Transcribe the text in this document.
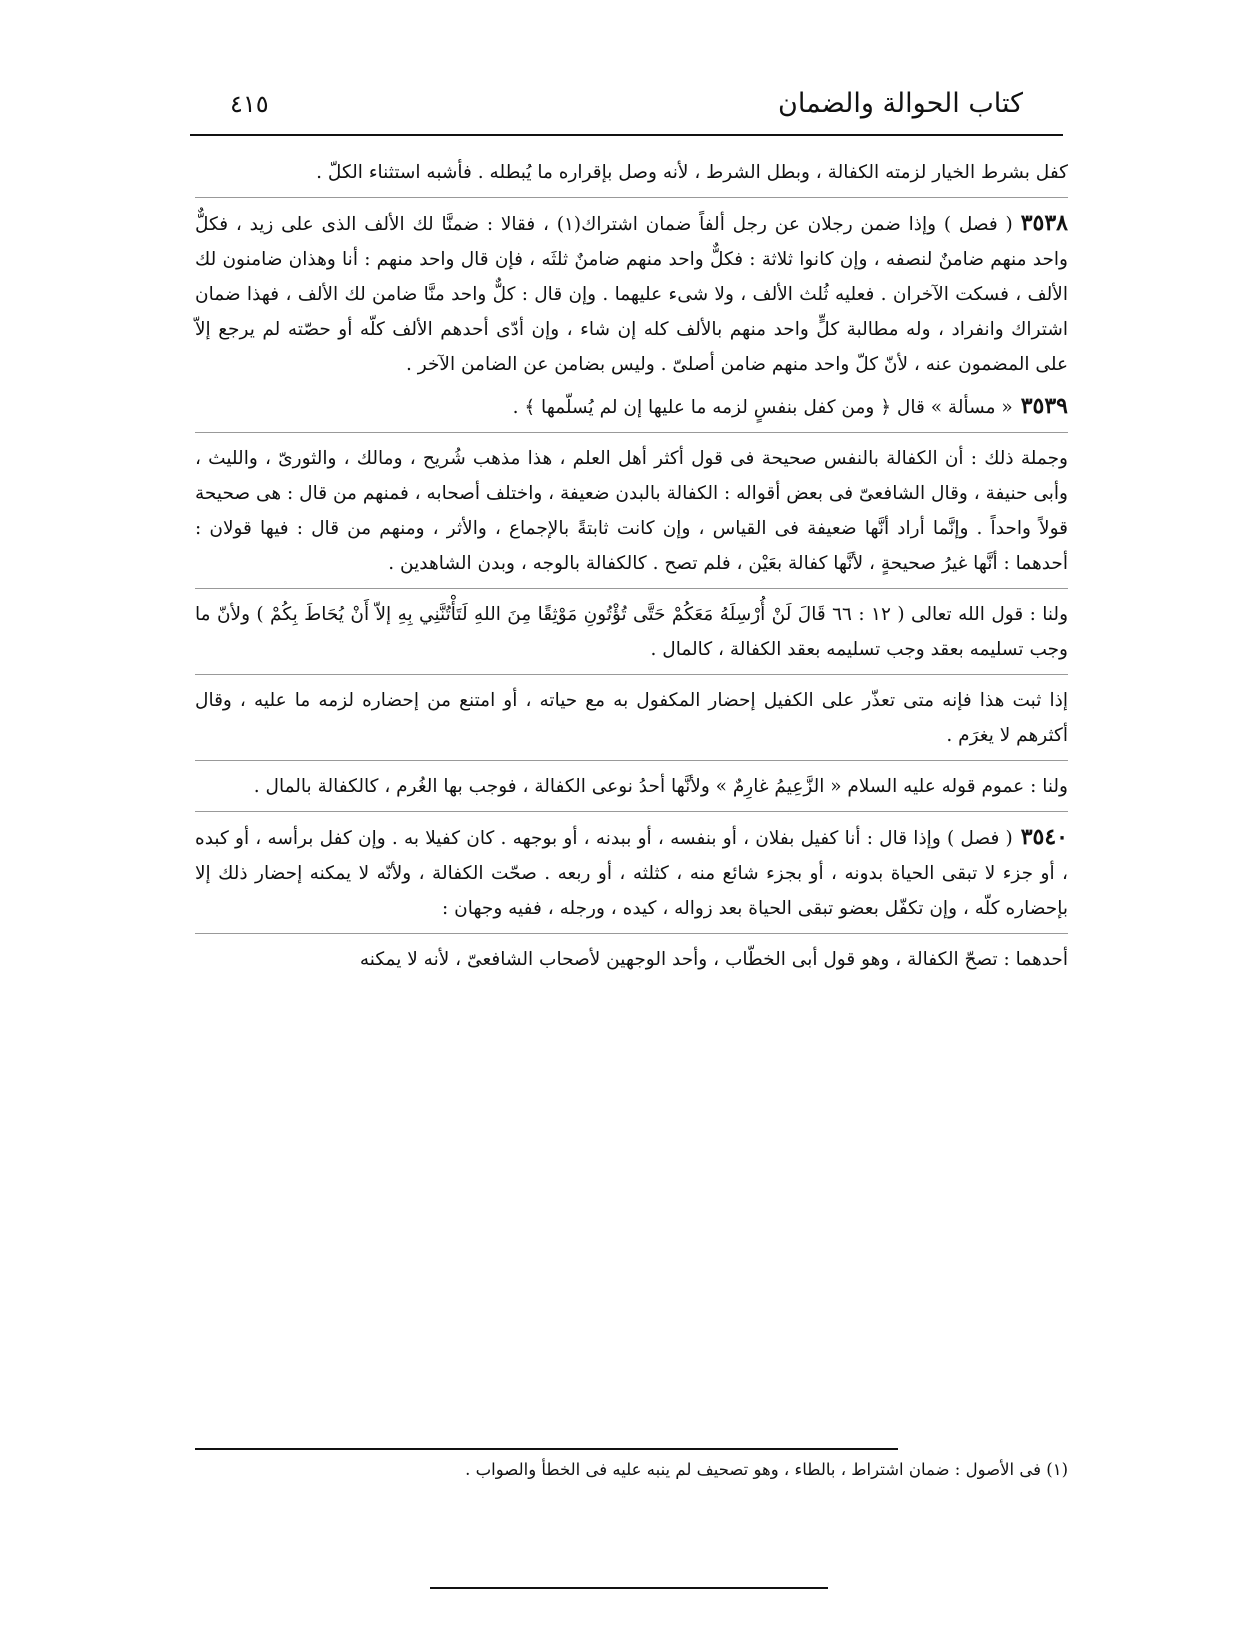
كتاب الحوالة والضمان
٤١٥

كفل بشرط الخيار لزمته الكفالة ، وبطل الشرط ، لأنه وصل بإقراره ما يُبطله . فأشبه استثناء الكلّ .

٣٥٣٨( فصل ) وإذا ضمن رجلان عن رجل ألفاً ضمان اشتراك(١) ، فقالا : ضمنَّا لك الألف الذى على زيد ، فكلٌّ واحد منهم ضامنٌ لنصفه ، وإن كانوا ثلاثة : فكلٌّ واحد منهم ضامنٌ ثلثَه ، فإن قال واحد منهم : أنا وهذان ضامنون لك الألف ، فسكت الآخران . فعليه ثُلث الألف ، ولا شىء عليهما . وإن قال : كلٌّ واحد منَّا ضامن لك الألف ، فهذا ضمان اشتراك وانفراد ، وله مطالبة كلٍّ واحد منهم بالألف كله إن شاء ، وإن أدّى أحدهم الألف كلّه أو حصّته لم يرجع إلاّ على المضمون عنه ، لأنّ كلّ واحد منهم ضامن أصلىّ . وليس بضامن عن الضامن الآخر .

٣٥٣٩« مسألة » قال ﴿ ومن كفل بنفسٍ لزمه ما عليها إن لم يُسلّمها ﴾ .

وجملة ذلك : أن الكفالة بالنفس صحيحة فى قول أكثر أهل العلم ، هذا مذهب شُريح ، ومالك ، والثورىّ ، والليث ، وأبى حنيفة ، وقال الشافعىّ فى بعض أقواله : الكفالة بالبدن ضعيفة ، واختلف أصحابه ، فمنهم من قال : هى صحيحة قولاً واحداً . وإنَّما أراد أنَّها ضعيفة فى القياس ، وإن كانت ثابتةً بالإجماع ، والأثر ، ومنهم من قال : فيها قولان : أحدهما : أنَّها غيرُ صحيحةٍ ، لأنَّها كفالة بعَيْن ، فلم تصح . كالكفالة بالوجه ، وبدن الشاهدين .

ولنا : قول الله تعالى ( ١٢ : ٦٦ قَالَ لَنْ أُرْسِلَهُ مَعَكُمْ حَتَّى تُؤْتُونِ مَوْثِقًا مِنَ اللهِ لَتَأْتُنَّنِي بِهِ إلاّ أَنْ يُحَاطَ بِكُمْ ) ولأنّ ما وجب تسليمه بعقد وجب تسليمه بعقد الكفالة ، كالمال .

إذا ثبت هذا فإنه متى تعذّر على الكفيل إحضار المكفول به مع حياته ، أو امتنع من إحضاره لزمه ما عليه ، وقال أكثرهم لا يغرَم .

ولنا : عموم قوله عليه السلام « الزَّعِيمُ غارِمٌ » ولأنَّها أحدُ نوعى الكفالة ، فوجب بها الغُرم ، كالكفالة بالمال .

٣٥٤٠( فصل ) وإذا قال : أنا كفيل بفلان ، أو بنفسه ، أو ببدنه ، أو بوجهه . كان كفيلا به . وإن كفل برأسه ، أو كبده ، أو جزء لا تبقى الحياة بدونه ، أو بجزء شائع منه ، كثلثه ، أو ربعه . صحّت الكفالة ، ولأنّه لا يمكنه إحضار ذلك إلا بإحضاره كلّه ، وإن تكفّل بعضو تبقى الحياة بعد زواله ، كيده ، ورجله ، ففيه وجهان :

أحدهما : تصحّ الكفالة ، وهو قول أبى الخطّاب ، وأحد الوجهين لأصحاب الشافعىّ ، لأنه لا يمكنه

(١) فى الأصول : ضمان اشتراط ، بالطاء ، وهو تصحيف لم ينبه عليه فى الخطأ والصواب .
